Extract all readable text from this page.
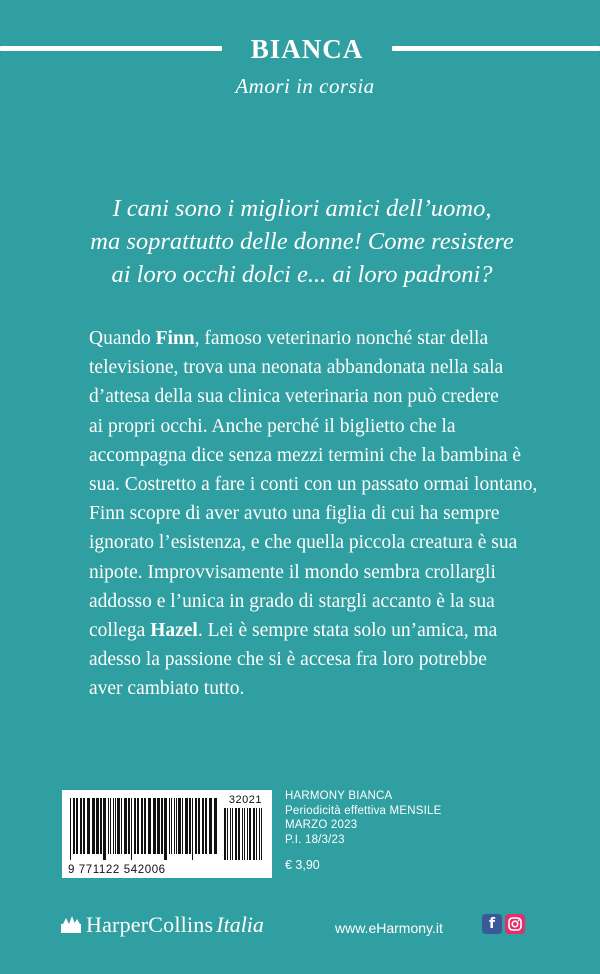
BIANCA
Amori in corsia
I cani sono i migliori amici dell’uomo,
ma soprattutto delle donne! Come resistere
ai loro occhi dolci e... ai loro padroni?
Quando Finn, famoso veterinario nonché star della
televisione, trova una neonata abbandonata nella sala
d’attesa della sua clinica veterinaria non può credere
ai propri occhi. Anche perché il biglietto che la
accompagna dice senza mezzi termini che la bambina è
sua. Costretto a fare i conti con un passato ormai lontano,
Finn scopre di aver avuto una figlia di cui ha sempre
ignorato l’esistenza, e che quella piccola creatura è sua
nipote. Improvvisamente il mondo sembra crollargli
addosso e l’unica in grado di stargli accanto è la sua
collega Hazel. Lei è sempre stata solo un’amica, ma
adesso la passione che si è accesa fra loro potrebbe
aver cambiato tutto.
32021
9 771122 542006
HARMONY BIANCA
Periodicità effettiva MENSILE
MARZO 2023
P.I. 18/3/23
€ 3,90
HarperCollins Italia	www.eHarmony.it	f
